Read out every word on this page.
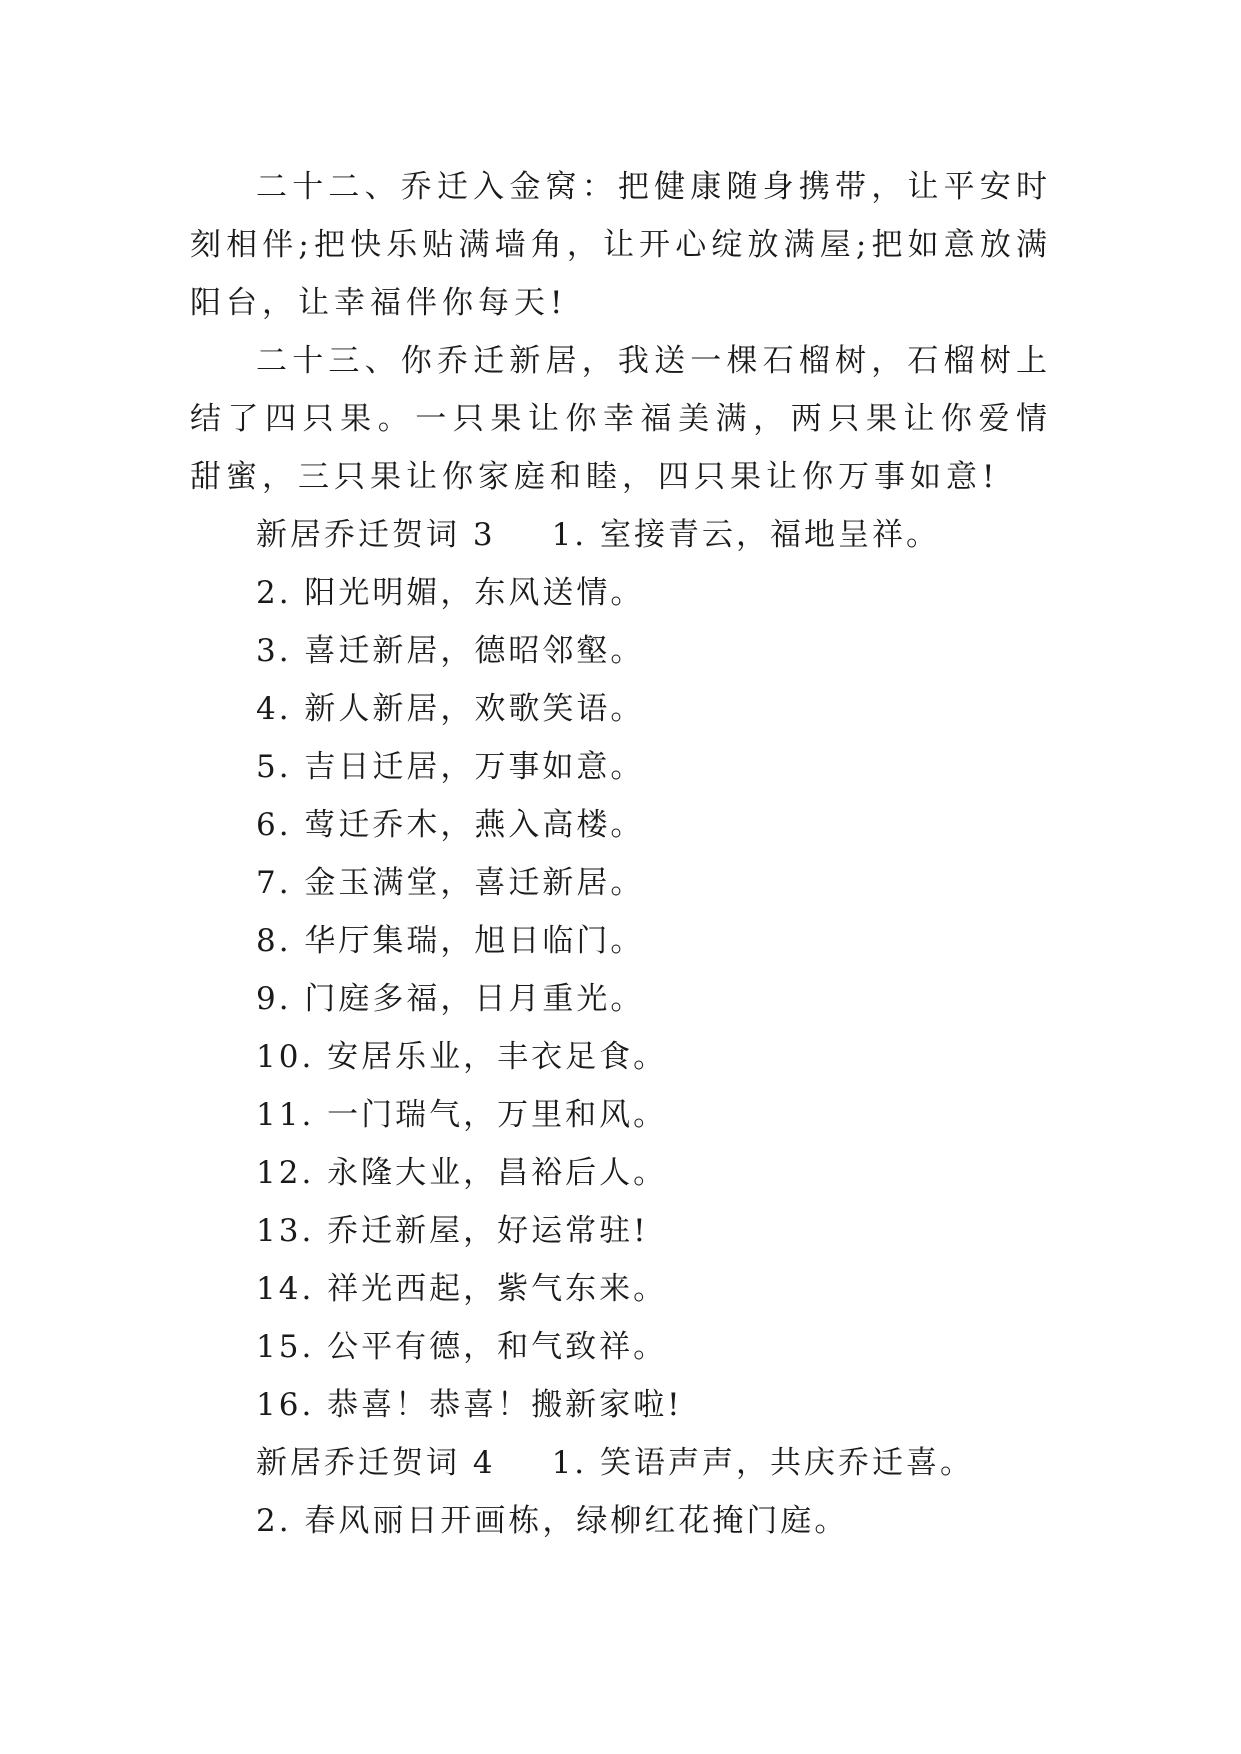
二十二、乔迁入金窝：把健康随身携带，让平安时刻相伴;把快乐贴满墙角，让开心绽放满屋;把如意放满阳台，让幸福伴你每天!

二十三、你乔迁新居，我送一棵石榴树，石榴树上结了四只果。一只果让你幸福美满，两只果让你爱情甜蜜，三只果让你家庭和睦，四只果让你万事如意!

新居乔迁贺词 3 1. 室接青云，福地呈祥。

2. 阳光明媚，东风送情。

3. 喜迁新居，德昭邻壑。

4. 新人新居，欢歌笑语。

5. 吉日迁居，万事如意。

6. 莺迁乔木，燕入高楼。

7. 金玉满堂，喜迁新居。

8. 华厅集瑞，旭日临门。

9. 门庭多福，日月重光。

10. 安居乐业，丰衣足食。

11. 一门瑞气，万里和风。

12. 永隆大业，昌裕后人。

13. 乔迁新屋，好运常驻!

14. 祥光西起，紫气东来。

15. 公平有德，和气致祥。

16. 恭喜！恭喜！搬新家啦!

新居乔迁贺词 4 1. 笑语声声，共庆乔迁喜。

2. 春风丽日开画栋，绿柳红花掩门庭。
